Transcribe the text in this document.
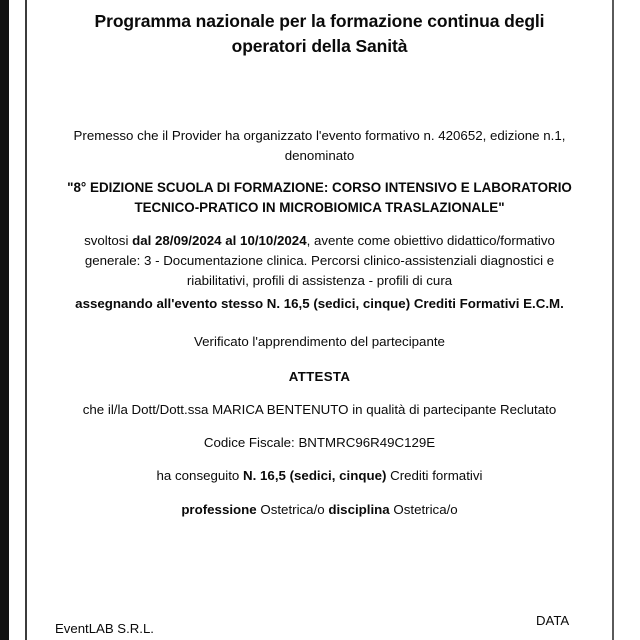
Programma nazionale per la formazione continua degli
operatori della Sanità
Premesso che il Provider ha organizzato l'evento formativo n. 420652, edizione n.1, denominato
"8° EDIZIONE SCUOLA DI FORMAZIONE: CORSO INTENSIVO E LABORATORIO TECNICO-PRATICO IN MICROBIOMICA TRASLAZIONALE"
svoltosi dal 28/09/2024 al 10/10/2024, avente come obiettivo didattico/formativo generale: 3 - Documentazione clinica. Percorsi clinico-assistenziali diagnostici e riabilitativi, profili di assistenza - profili di cura
assegnando all'evento stesso N. 16,5 (sedici, cinque) Crediti Formativi E.C.M.
Verificato l'apprendimento del partecipante
ATTESTA
che il/la Dott/Dott.ssa MARICA BENTENUTO in qualità di partecipante Reclutato
Codice Fiscale: BNTMRC96R49C129E
ha conseguito N. 16,5 (sedici, cinque) Crediti formativi
professione Ostetrica/o disciplina Ostetrica/o
EventLAB S.R.L.
DATA
